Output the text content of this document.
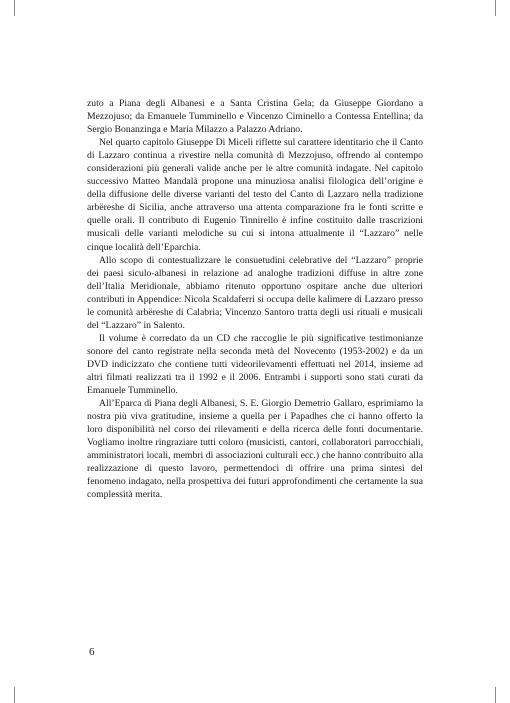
zuto a Piana degli Albanesi e a Santa Cristina Gela; da Giuseppe Giordano a Mezzojuso; da Emanuele Tumminello e Vincenzo Ciminello a Contessa Entellina; da Sergio Bonanzinga e Maria Milazzo a Palazzo Adriano.

Nel quarto capitolo Giuseppe Di Miceli riflette sul carattere identitario che il Canto di Lazzaro continua a rivestire nella comunità di Mezzojuso, offrendo al contempo considerazioni più generali valide anche per le altre comunità indagate. Nel capitolo successivo Matteo Mandalà propone una minuziosa analisi filologica dell’origine e della diffusione delle diverse varianti del testo del Canto di Lazzaro nella tradizione arbëreshe di Sicilia, anche attraverso una attenta comparazione fra le fonti scritte e quelle orali. Il contributo di Eugenio Tinnirello è infine costituito dalle trascrizioni musicali delle varianti melodiche su cui si intona attualmente il “Lazzaro” nelle cinque località dell’Eparchia.

Allo scopo di contestualizzare le consuetudini celebrative del “Lazzaro” proprie dei paesi siculo-albanesi in relazione ad analoghe tradizioni diffuse in altre zone dell’Italia Meridionale, abbiamo ritenuto opportuno ospitare anche due ulteriori contributi in Appendice: Nicola Scaldaferri si occupa delle kalimere di Lazzaro presso le comunità arbëreshe di Calabria; Vincenzo Santoro tratta degli usi rituali e musicali del “Lazzaro” in Salento.

Il volume è corredato da un CD che raccoglie le più significative testimonianze sonore del canto registrate nella seconda metà del Novecento (1953-2002) e da un DVD indicizzato che contiene tutti videorilevamenti effettuati nel 2014, insieme ad altri filmati realizzati tra il 1992 e il 2006. Entrambi i supporti sono stati curati da Emanuele Tumminello.

All’Eparca di Piana degli Albanesi, S. E. Giorgio Demetrio Gallaro, esprimiamo la nostra più viva gratitudine, insieme a quella per i Papadhes che ci hanno offerto la loro disponibilità nel corso dei rilevamenti e della ricerca delle fonti documentarie. Vogliamo inoltre ringraziare tutti coloro (musicisti, cantori, collaboratori parrocchiali, amministratori locali, membri di associazioni culturali ecc.) che hanno contribuito alla realizzazione di questo lavoro, permettendoci di offrire una prima sintesi del fenomeno indagato, nella prospettiva dei futuri approfondimenti che certamente la sua complessità merita.

6
